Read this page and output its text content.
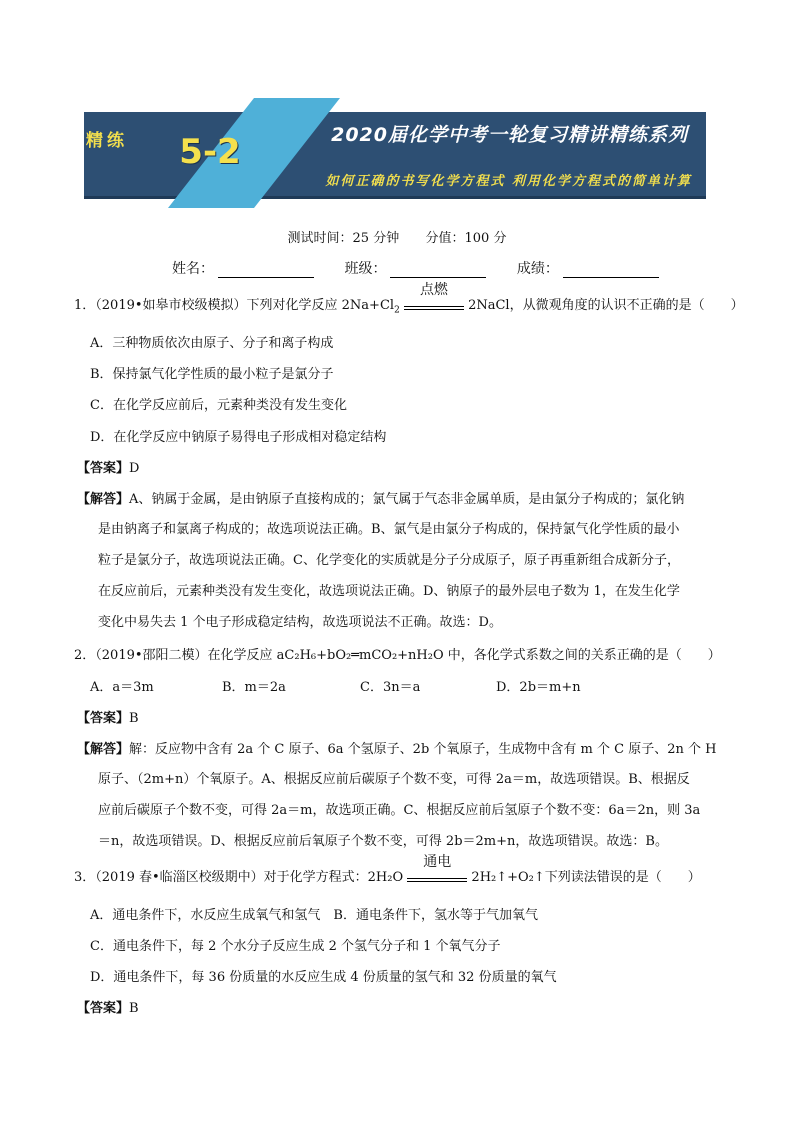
精练 5-2	2020届化学中考一轮复习精讲精练系列
如何正确的书写化学方程式 利用化学方程式的简单计算
测试时间：25 分钟 分值：100 分
姓名：	班级：	成绩：
1．（2019•如皋市校级模拟）下列对化学反应 $2Na+Cl_2$
点燃
2NaCl，从微观角度的认识不正确的是（　　）
A．三种物质依次由原子、分子和离子构成
B．保持氯气化学性质的最小粒子是氯分子
C．在化学反应前后，元素种类没有发生变化
D．在化学反应中钠原子易得电子形成相对稳定结构
【答案】D
【解答】A、钠属于金属，是由钠原子直接构成的；氯气属于气态非金属单质，是由氯分子构成的；氯化钠
是由钠离子和氯离子构成的；故选项说法正确。B、氯气是由氯分子构成的，保持氯气化学性质的最小
粒子是氯分子，故选项说法正确。C、化学变化的实质就是分子分成原子，原子再重新组合成新分子，
在反应前后，元素种类没有发生变化，故选项说法正确。D、钠原子的最外层电子数为 1，在发生化学
变化中易失去 1 个电子形成稳定结构，故选项说法不正确。故选：D。
2．（2019•邵阳二模）在化学反应 aC₂H₆+bO₂═mCO₂+nH₂O 中，各化学式系数之间的关系正确的是（　　）
A．a＝3m	B．m＝2a	C．3n＝a	D．2b＝m+n
【答案】B
【解答】解：反应物中含有 2a 个 C 原子、6a 个氢原子、2b 个氧原子，生成物中含有 m 个 C 原子、2n 个 H
原子、（2m+n）个氧原子。A、根据反应前后碳原子个数不变，可得 2a＝m，故选项错误。B、根据反
应前后碳原子个数不变，可得 2a＝m，故选项正确。C、根据反应前后氢原子个数不变：6a＝2n，则 3a
＝n，故选项错误。D、根据反应前后氧原子个数不变，可得 2b＝2m+n，故选项错误。故选：B。
3．（2019 春•临淄区校级期中）对于化学方程式：2H₂O
通电
2H₂↑+O₂↑下列读法错误的是（　　）
A．通电条件下，水反应生成氧气和氢气　B．通电条件下，氢水等于气加氧气
C．通电条件下，每 2 个水分子反应生成 2 个氢气分子和 1 个氧气分子
D．通电条件下，每 36 份质量的水反应生成 4 份质量的氢气和 32 份质量的氧气
【答案】B
